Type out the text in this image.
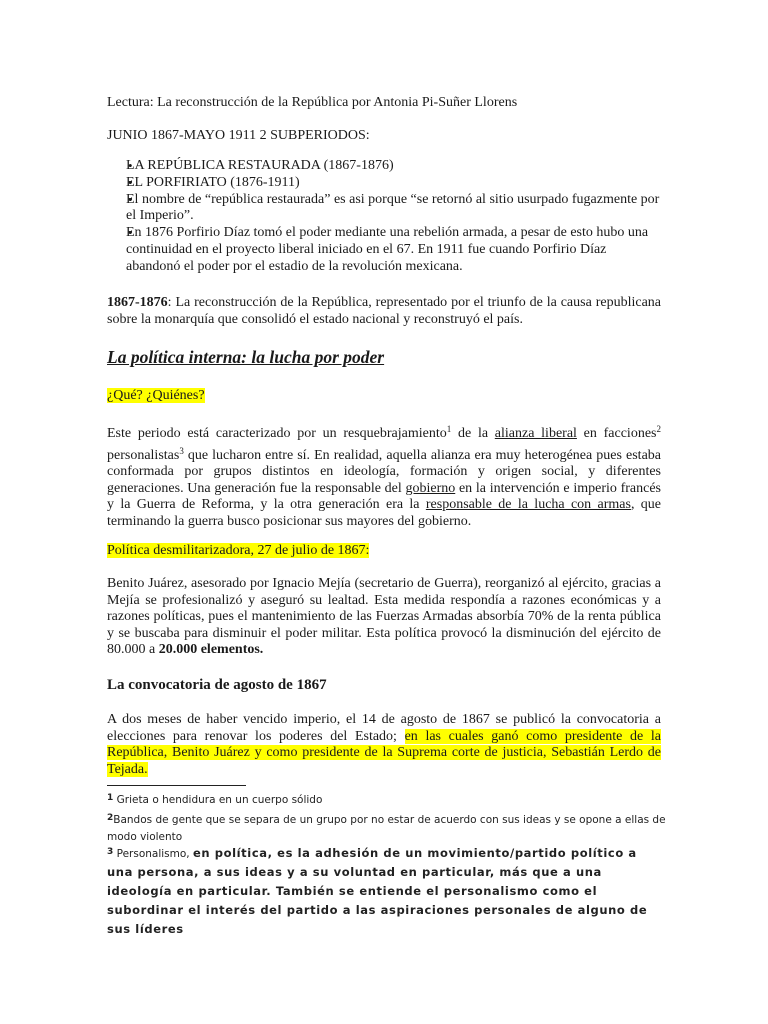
Lectura: La reconstrucción de la República por Antonia Pi-Suñer Llorens

JUNIO 1867-MAYO 1911 2 SUBPERIODOS:

• LA REPÚBLICA RESTAURADA (1867-1876)
• EL PORFIRIATO (1876-1911)
• El nombre de “república restaurada” es asi porque “se retornó al sitio usurpado fugazmente por el Imperio”.
• En 1876 Porfirio Díaz tomó el poder mediante una rebelión armada, a pesar de esto hubo una continuidad en el proyecto liberal iniciado en el 67. En 1911 fue cuando Porfirio Díaz abandonó el poder por el estadio de la revolución mexicana.

1867-1876: La reconstrucción de la República, representado por el triunfo de la causa republicana sobre la monarquía que consolidó el estado nacional y reconstruyó el país.

La política interna: la lucha por poder

¿Qué? ¿Quiénes?

Este periodo está caracterizado por un resquebrajamiento$^1$ de la alianza liberal en facciones$^2$ personalistas$^3$ que lucharon entre sí. En realidad, aquella alianza era muy heterogénea pues estaba conformada por grupos distintos en ideología, formación y origen social, y diferentes generaciones. Una generación fue la responsable del gobierno en la intervención e imperio francés y la Guerra de Reforma, y la otra generación era la responsable de la lucha con armas, que terminando la guerra busco posicionar sus mayores del gobierno.

Política desmilitarizadora, 27 de julio de 1867:

Benito Juárez, asesorado por Ignacio Mejía (secretario de Guerra), reorganizó al ejército, gracias a Mejía se profesionalizó y aseguró su lealtad. Esta medida respondía a razones económicas y a razones políticas, pues el mantenimiento de las Fuerzas Armadas absorbía 70% de la renta pública y se buscaba para disminuir el poder militar. Esta política provocó la disminución del ejército de 80.000 a 20.000 elementos.

La convocatoria de agosto de 1867

A dos meses de haber vencido imperio, el 14 de agosto de 1867 se publicó la convocatoria a elecciones para renovar los poderes del Estado; en las cuales ganó como presidente de la República, Benito Juárez y como presidente de la Suprema corte de justicia, Sebastián Lerdo de Tejada.

$^1$ Grieta o hendidura en un cuerpo sólido
$^2$Bandos de gente que se separa de un grupo por no estar de acuerdo con sus ideas y se opone a ellas de modo violento
$^3$ Personalismo, en política, es la adhesión de un movimiento/partido político a una persona, a sus ideas y a su voluntad en particular, más que a una ideología en particular. También se entiende el personalismo como el subordinar el interés del partido a las aspiraciones personales de alguno de sus líderes
